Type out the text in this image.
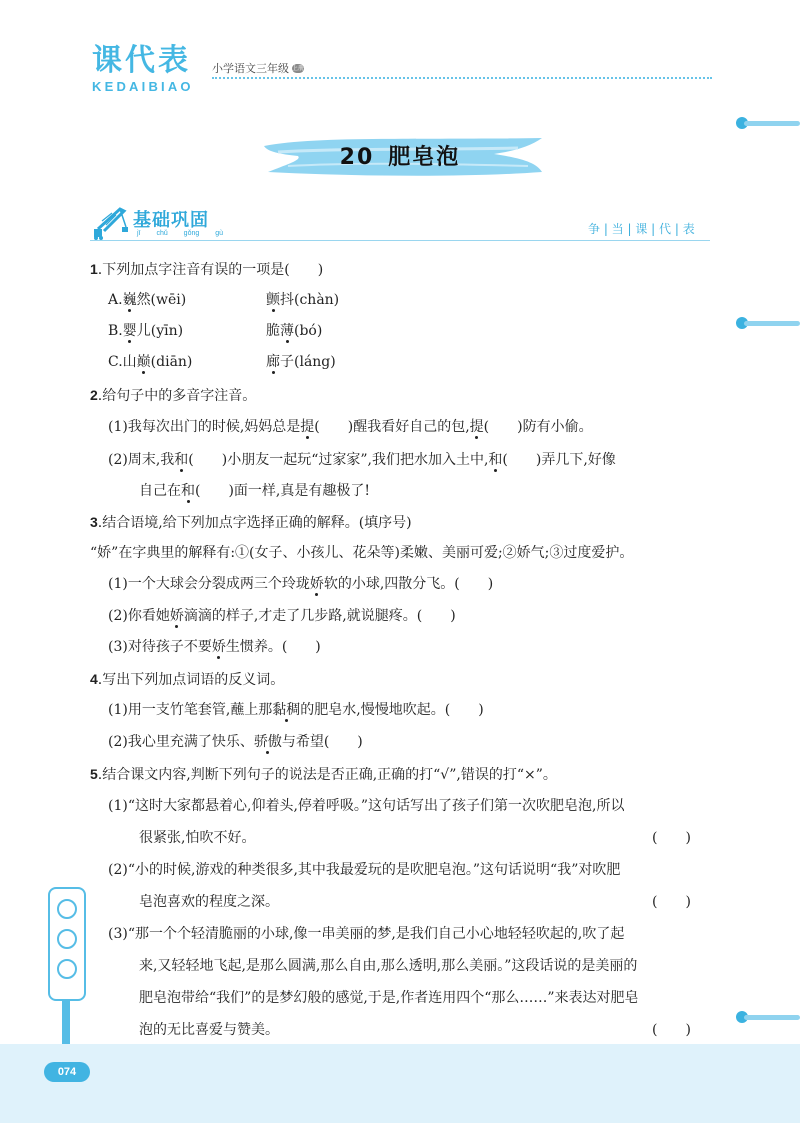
课代表
KEDAIBIAO
小学语文三年级 上册
20 肥皂泡
基础巩固
jī chǔ gǒng gù	争 | 当 | 课 | 代 | 表
1.下列加点字注音有误的一项是(　　)
A.巍然(wēi)	颤抖(chàn)
B.婴儿(yīn)	脆薄(bó)
C.山巅(diān)	廊子(láng)
2.给句子中的多音字注音。
(1)我每次出门的时候,妈妈总是提(　　)醒我看好自己的包,提(　　)防有小偷。
(2)周末,我和(　　)小朋友一起玩“过家家”,我们把水加入土中,和(　　)弄几下,好像
自己在和(　　)面一样,真是有趣极了!
3.结合语境,给下列加点字选择正确的解释。(填序号)
“娇”在字典里的解释有:①(女子、小孩儿、花朵等)柔嫩、美丽可爱;②娇气;③过度爱护。
(1)一个大球会分裂成两三个玲珑娇软的小球,四散分飞。(　　)
(2)你看她娇滴滴的样子,才走了几步路,就说腿疼。(　　)
(3)对待孩子不要娇生惯养。(　　)
4.写出下列加点词语的反义词。
(1)用一支竹笔套管,蘸上那黏稠的肥皂水,慢慢地吹起。(　　)
(2)我心里充满了快乐、骄傲与希望(　　)
5.结合课文内容,判断下列句子的说法是否正确,正确的打“√”,错误的打“×”。
(1)“这时大家都悬着心,仰着头,停着呼吸。”这句话写出了孩子们第一次吹肥皂泡,所以
很紧张,怕吹不好。	(　　)
(2)“小的时候,游戏的种类很多,其中我最爱玩的是吹肥皂泡。”这句话说明“我”对吹肥
皂泡喜欢的程度之深。	(　　)
(3)“那一个个轻清脆丽的小球,像一串美丽的梦,是我们自己小心地轻轻吹起的,吹了起
来,又轻轻地飞起,是那么圆满,那么自由,那么透明,那么美丽。”这段话说的是美丽的
肥皂泡带给“我们”的是梦幻般的感觉,于是,作者连用四个“那么……”来表达对肥皂
泡的无比喜爱与赞美。	(　　)
074
